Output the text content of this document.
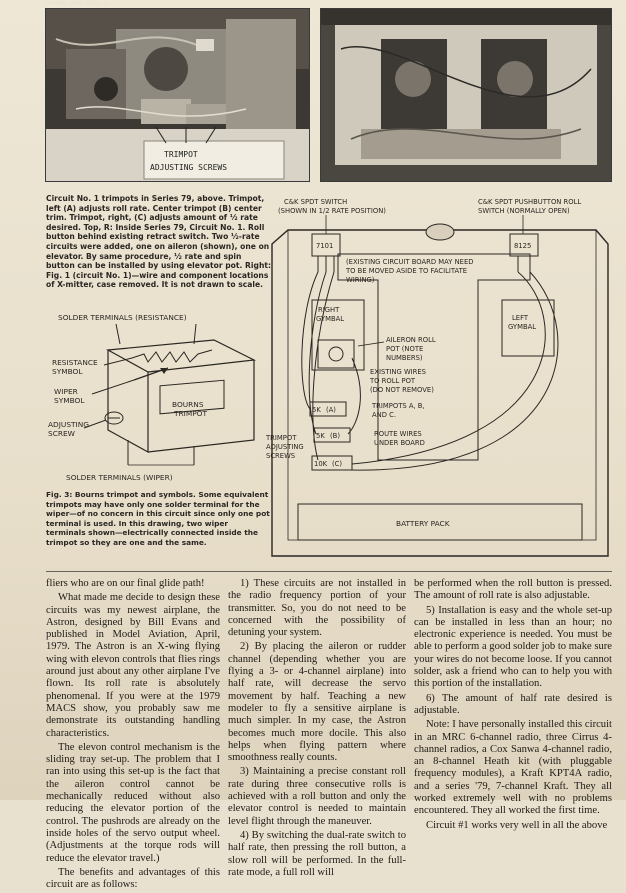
Photos: Pete Reilly, Jr.
TRIMPOT
ADJUSTING SCREWS
Circuit No. 1 trimpots in Series 79, above. Trimpot, left (A) adjusts roll rate. Center trimpot (B) center trim. Trimpot, right, (C) adjusts amount of ½ rate desired. Top, R: Inside Series 79, Circuit No. 1. Roll button behind existing retract switch. Two ½-rate circuits were added, one on aileron (shown), one on elevator. By same procedure, ½ rate and spin button can be installed by using elevator pot. Right: Fig. 1 (circuit No. 1)—wire and component locations of X-mitter, case removed. It is not drawn to scale.
SOLDER TERMINALS (RESISTANCE)
RESISTANCE
SYMBOL
WIPER
SYMBOL
ADJUSTING
SCREW
BOURNS
TRIMPOT
SOLDER TERMINALS (WIPER)
Fig. 3: Bourns trimpot and symbols. Some equivalent trimpots may have only one solder terminal for the wiper—of no concern in this circuit since only one pot terminal is used. In this drawing, two wiper terminals shown—electrically connected inside the trimpot so they are one and the same.
C&K SPDT SWITCH
(SHOWN IN 1/2 RATE POSITION)
C&K SPDT PUSHBUTTON ROLL
SWITCH (NORMALLY OPEN)
7101	8125
(EXISTING CIRCUIT BOARD MAY NEED
TO BE MOVED ASIDE TO FACILITATE
WIRING)
RIGHT
GYMBAL	LEFT
GYMBAL
AILERON ROLL
POT (NOTE
NUMBERS)
EXISTING WIRES
TO ROLL POT
(DO NOT REMOVE)
TRIMPOTS A, B,
AND C.
5K (A)
5K (B)
10K (C)
TRIMPOT
ADJUSTING
SCREWS
ROUTE WIRES
UNDER BOARD
BATTERY PACK

fliers who are on our final glide path!

What made me decide to design these circuits was my newest airplane, the Astron, designed by Bill Evans and published in Model Aviation, April, 1979. The Astron is an X-wing flying wing with elevon controls that flies rings around just about any other airplane I've flown. Its roll rate is absolutely phenomenal. If you were at the 1979 MACS show, you probably saw me demonstrate its outstanding handling characteristics.

The elevon control mechanism is the sliding tray set-up. The problem that I ran into using this set-up is the fact that the aileron control cannot be mechanically reduced without also reducing the elevator portion of the control. The pushrods are already on the inside holes of the servo output wheel. (Adjustments at the torque rods will reduce the elevator travel.)

The benefits and advantages of this circuit are as follows:

1) These circuits are not installed in the radio frequency portion of your transmitter. So, you do not need to be concerned with the possibility of detuning your system.

2) By placing the aileron or rudder channel (depending whether you are flying a 3- or 4-channel airplane) into half rate, will decrease the servo movement by half. Teaching a new modeler to fly a sensitive airplane is much simpler. In my case, the Astron becomes much more docile. This also helps when flying pattern where smoothness really counts.

3) Maintaining a precise constant roll rate during three consecutive rolls is achieved with a roll button and only the elevator control is needed to maintain level flight through the maneuver.

4) By switching the dual-rate switch to half rate, then pressing the roll button, a slow roll will be performed. In the full-rate mode, a full roll will

be performed when the roll button is pressed. The amount of roll rate is also adjustable.

5) Installation is easy and the whole set-up can be installed in less than an hour; no electronic experience is needed. You must be able to perform a good solder job to make sure your wires do not become loose. If you cannot solder, ask a friend who can to help you with this portion of the installation.

6) The amount of half rate desired is adjustable.

Note: I have personally installed this circuit in an MRC 6-channel radio, three Cirrus 4-channel radios, a Cox Sanwa 4-channel radio, an 8-channel Heath kit (with pluggable frequency modules), a Kraft KPT4A radio, and a series '79, 7-channel Kraft. They all worked extremely well with no problems encountered. They all worked the first time.

Circuit #1 works very well in all the above
